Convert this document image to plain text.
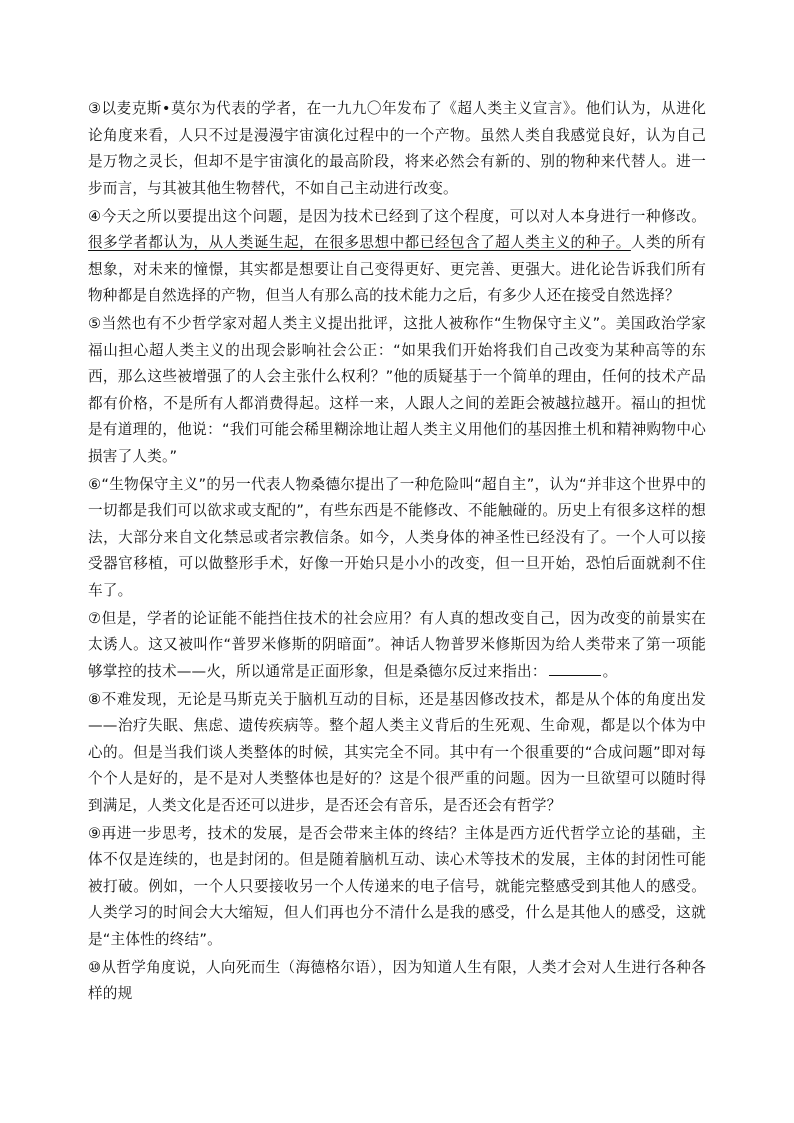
③以麦克斯•莫尔为代表的学者，在一九九〇年发布了《超人类主义宣言》。他们认为，从进化论角度来看，人只不过是漫漫宇宙演化过程中的一个产物。虽然人类自我感觉良好，认为自己是万物之灵长，但却不是宇宙演化的最高阶段，将来必然会有新的、别的物种来代替人。进一步而言，与其被其他生物替代，不如自己主动进行改变。

④今天之所以要提出这个问题，是因为技术已经到了这个程度，可以对人本身进行一种修改。很多学者都认为，从人类诞生起，在很多思想中都已经包含了超人类主义的种子。人类的所有想象，对未来的憧憬，其实都是想要让自己变得更好、更完善、更强大。进化论告诉我们所有物种都是自然选择的产物，但当人有那么高的技术能力之后，有多少人还在接受自然选择？

⑤当然也有不少哲学家对超人类主义提出批评，这批人被称作“生物保守主义”。美国政治学家福山担心超人类主义的出现会影响社会公正：“如果我们开始将我们自己改变为某种高等的东西，那么这些被增强了的人会主张什么权利？”他的质疑基于一个简单的理由，任何的技术产品都有价格，不是所有人都消费得起。这样一来，人跟人之间的差距会被越拉越开。福山的担忧是有道理的，他说：“我们可能会稀里糊涂地让超人类主义用他们的基因推土机和精神购物中心损害了人类。”

⑥“生物保守主义”的另一代表人物桑德尔提出了一种危险叫“超自主”，认为“并非这个世界中的一切都是我们可以欲求或支配的”，有些东西是不能修改、不能触碰的。历史上有很多这样的想法，大部分来自文化禁忌或者宗教信条。如今，人类身体的神圣性已经没有了。一个人可以接受器官移植，可以做整形手术，好像一开始只是小小的改变，但一旦开始，恐怕后面就刹不住车了。

⑦但是，学者的论证能不能挡住技术的社会应用？有人真的想改变自己，因为改变的前景实在太诱人。这又被叫作“普罗米修斯的阴暗面”。神话人物普罗米修斯因为给人类带来了第一项能够掌控的技术——火，所以通常是正面形象，但是桑德尔反过来指出：	。

⑧不难发现，无论是马斯克关于脑机互动的目标，还是基因修改技术，都是从个体的角度出发——治疗失眠、焦虑、遗传疾病等。整个超人类主义背后的生死观、生命观，都是以个体为中心的。但是当我们谈人类整体的时候，其实完全不同。其中有一个很重要的“合成问题”即对每个个人是好的，是不是对人类整体也是好的？这是个很严重的问题。因为一旦欲望可以随时得到满足，人类文化是否还可以进步，是否还会有音乐，是否还会有哲学？

⑨再进一步思考，技术的发展，是否会带来主体的终结？主体是西方近代哲学立论的基础，主体不仅是连续的，也是封闭的。但是随着脑机互动、读心术等技术的发展，主体的封闭性可能被打破。例如，一个人只要接收另一个人传递来的电子信号，就能完整感受到其他人的感受。人类学习的时间会大大缩短，但人们再也分不清什么是我的感受，什么是其他人的感受，这就是“主体性的终结”。

⑩从哲学角度说，人向死而生（海德格尔语），因为知道人生有限，人类才会对人生进行各种各样的规
